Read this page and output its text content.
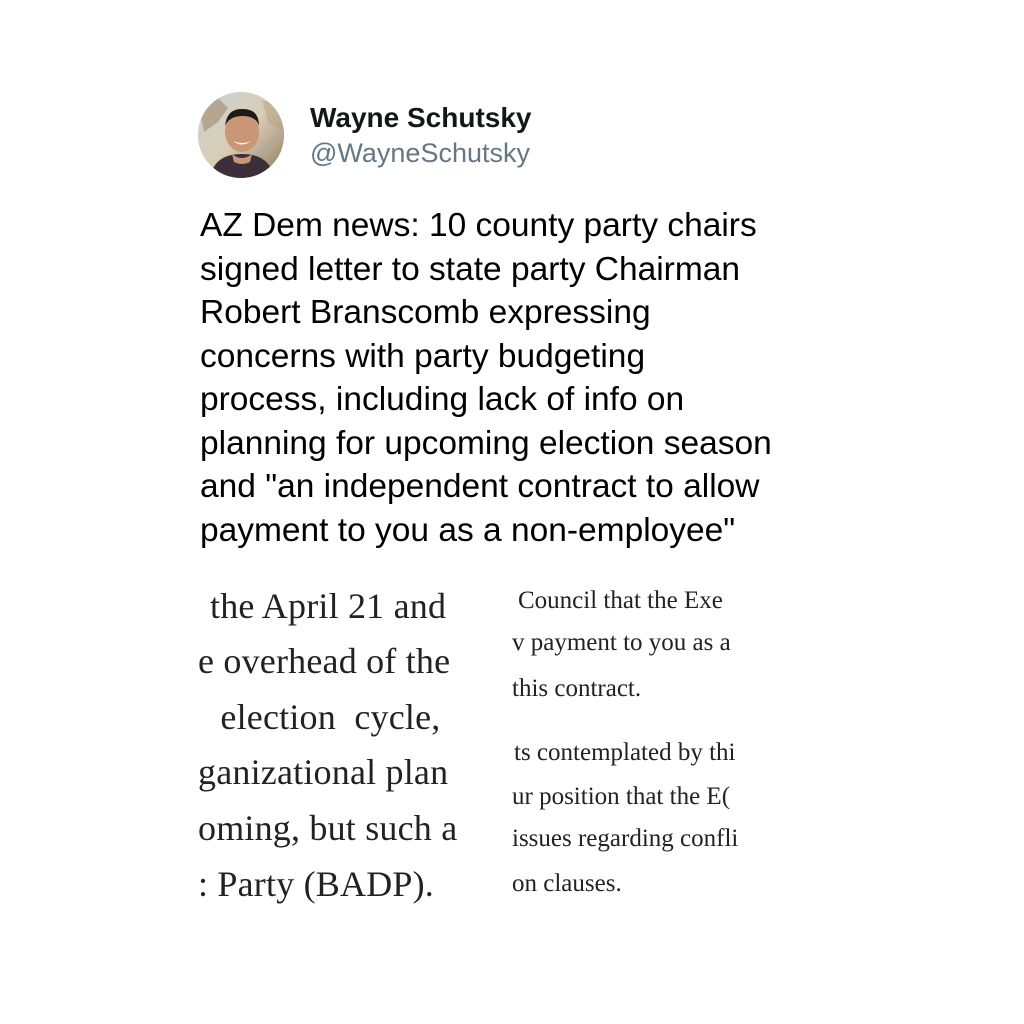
Wayne Schutsky
@WayneSchutsky

AZ Dem news: 10 county party chairs
signed letter to state party Chairman
Robert Branscomb expressing
concerns with party budgeting
process, including lack of info on
planning for upcoming election season
and "an independent contract to allow
payment to you as a non-employee"

the April 21 and
e overhead of the
election  cycle,
ganizational plan
oming, but such a
: Party (BADP).
Council that the Exe
v payment to you as a
this contract.
ts contemplated by thi
ur position that the E(
issues regarding confli
on clauses.
